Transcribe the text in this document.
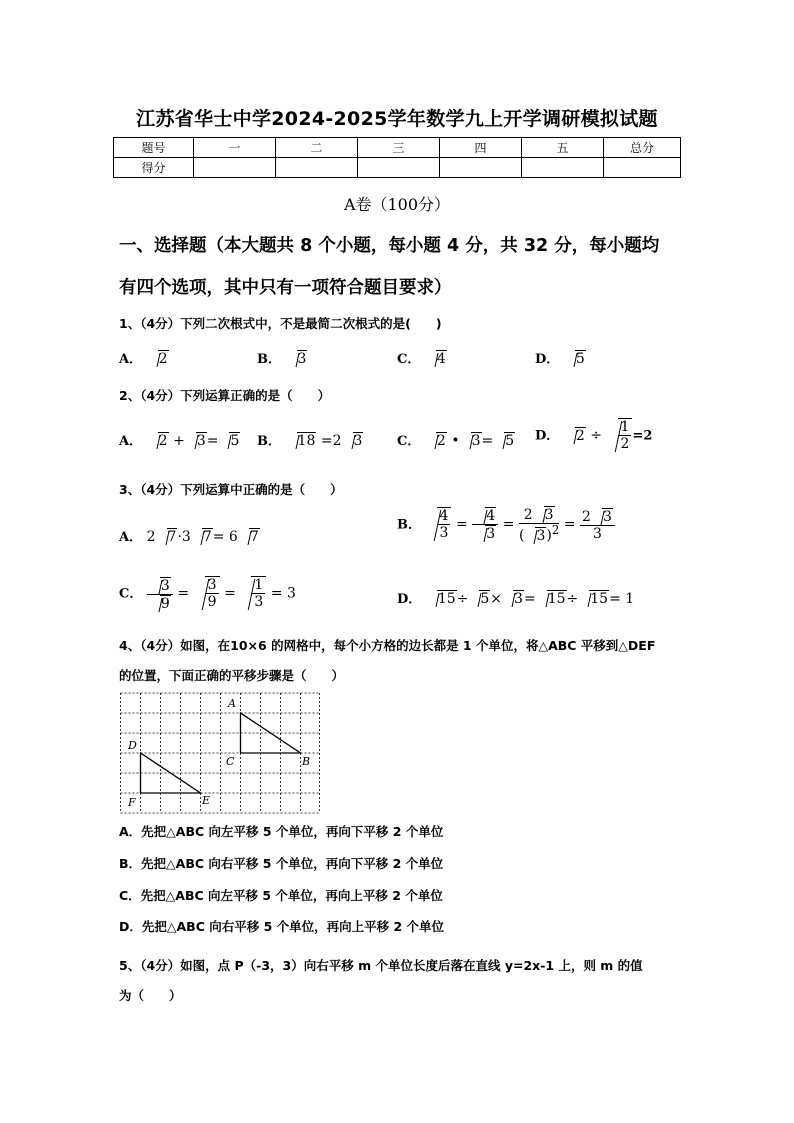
江苏省华士中学2024-2025学年数学九上开学调研模拟试题
题号	一	二	三	四	五	总分
得分						
A卷（100分）
一、选择题（本大题共 8 个小题，每小题 4 分，共 32 分，每小题均
有四个选项，其中只有一项符合题目要求）
1、（4分）下列二次根式中，不是最简二次根式的是(　　)
A． 2	B． 3	C． 4	D． 5
2、（4分）下列运算正确的是（　　）
A． 2 + 3= 5 B． 18 =2 3	C． 2 • 3= 5 D． $2 \div \frac{1}{2} =2$
3、（4分）下列运算中正确的是（　　）
A． 2 7·3 7= 6 7
B． $\frac{4}{3} = \frac{4}{3} = \frac{2 3}{( 3)^2} = \frac{2 3}{3}$
C． $\frac{3}{9} = \frac{3}{9} = \frac{1}{3} = 3$	D． 15÷ 5× 3= 15÷ 15= 1
4、（4分）如图，在10×6 的网格中，每个小方格的边长都是 1 个单位，将△ABC 平移到△DEF
的位置，下面正确的平移步骤是（　　）
A
C	B
D
F	E
A．先把△ABC 向左平移 5 个单位，再向下平移 2 个单位
B．先把△ABC 向右平移 5 个单位，再向下平移 2 个单位
C．先把△ABC 向左平移 5 个单位，再向上平移 2 个单位
D．先把△ABC 向右平移 5 个单位，再向上平移 2 个单位
5、（4分）如图，点 P（-3，3）向右平移 m 个单位长度后落在直线 y=2x-1 上，则 m 的值
为（　　）
